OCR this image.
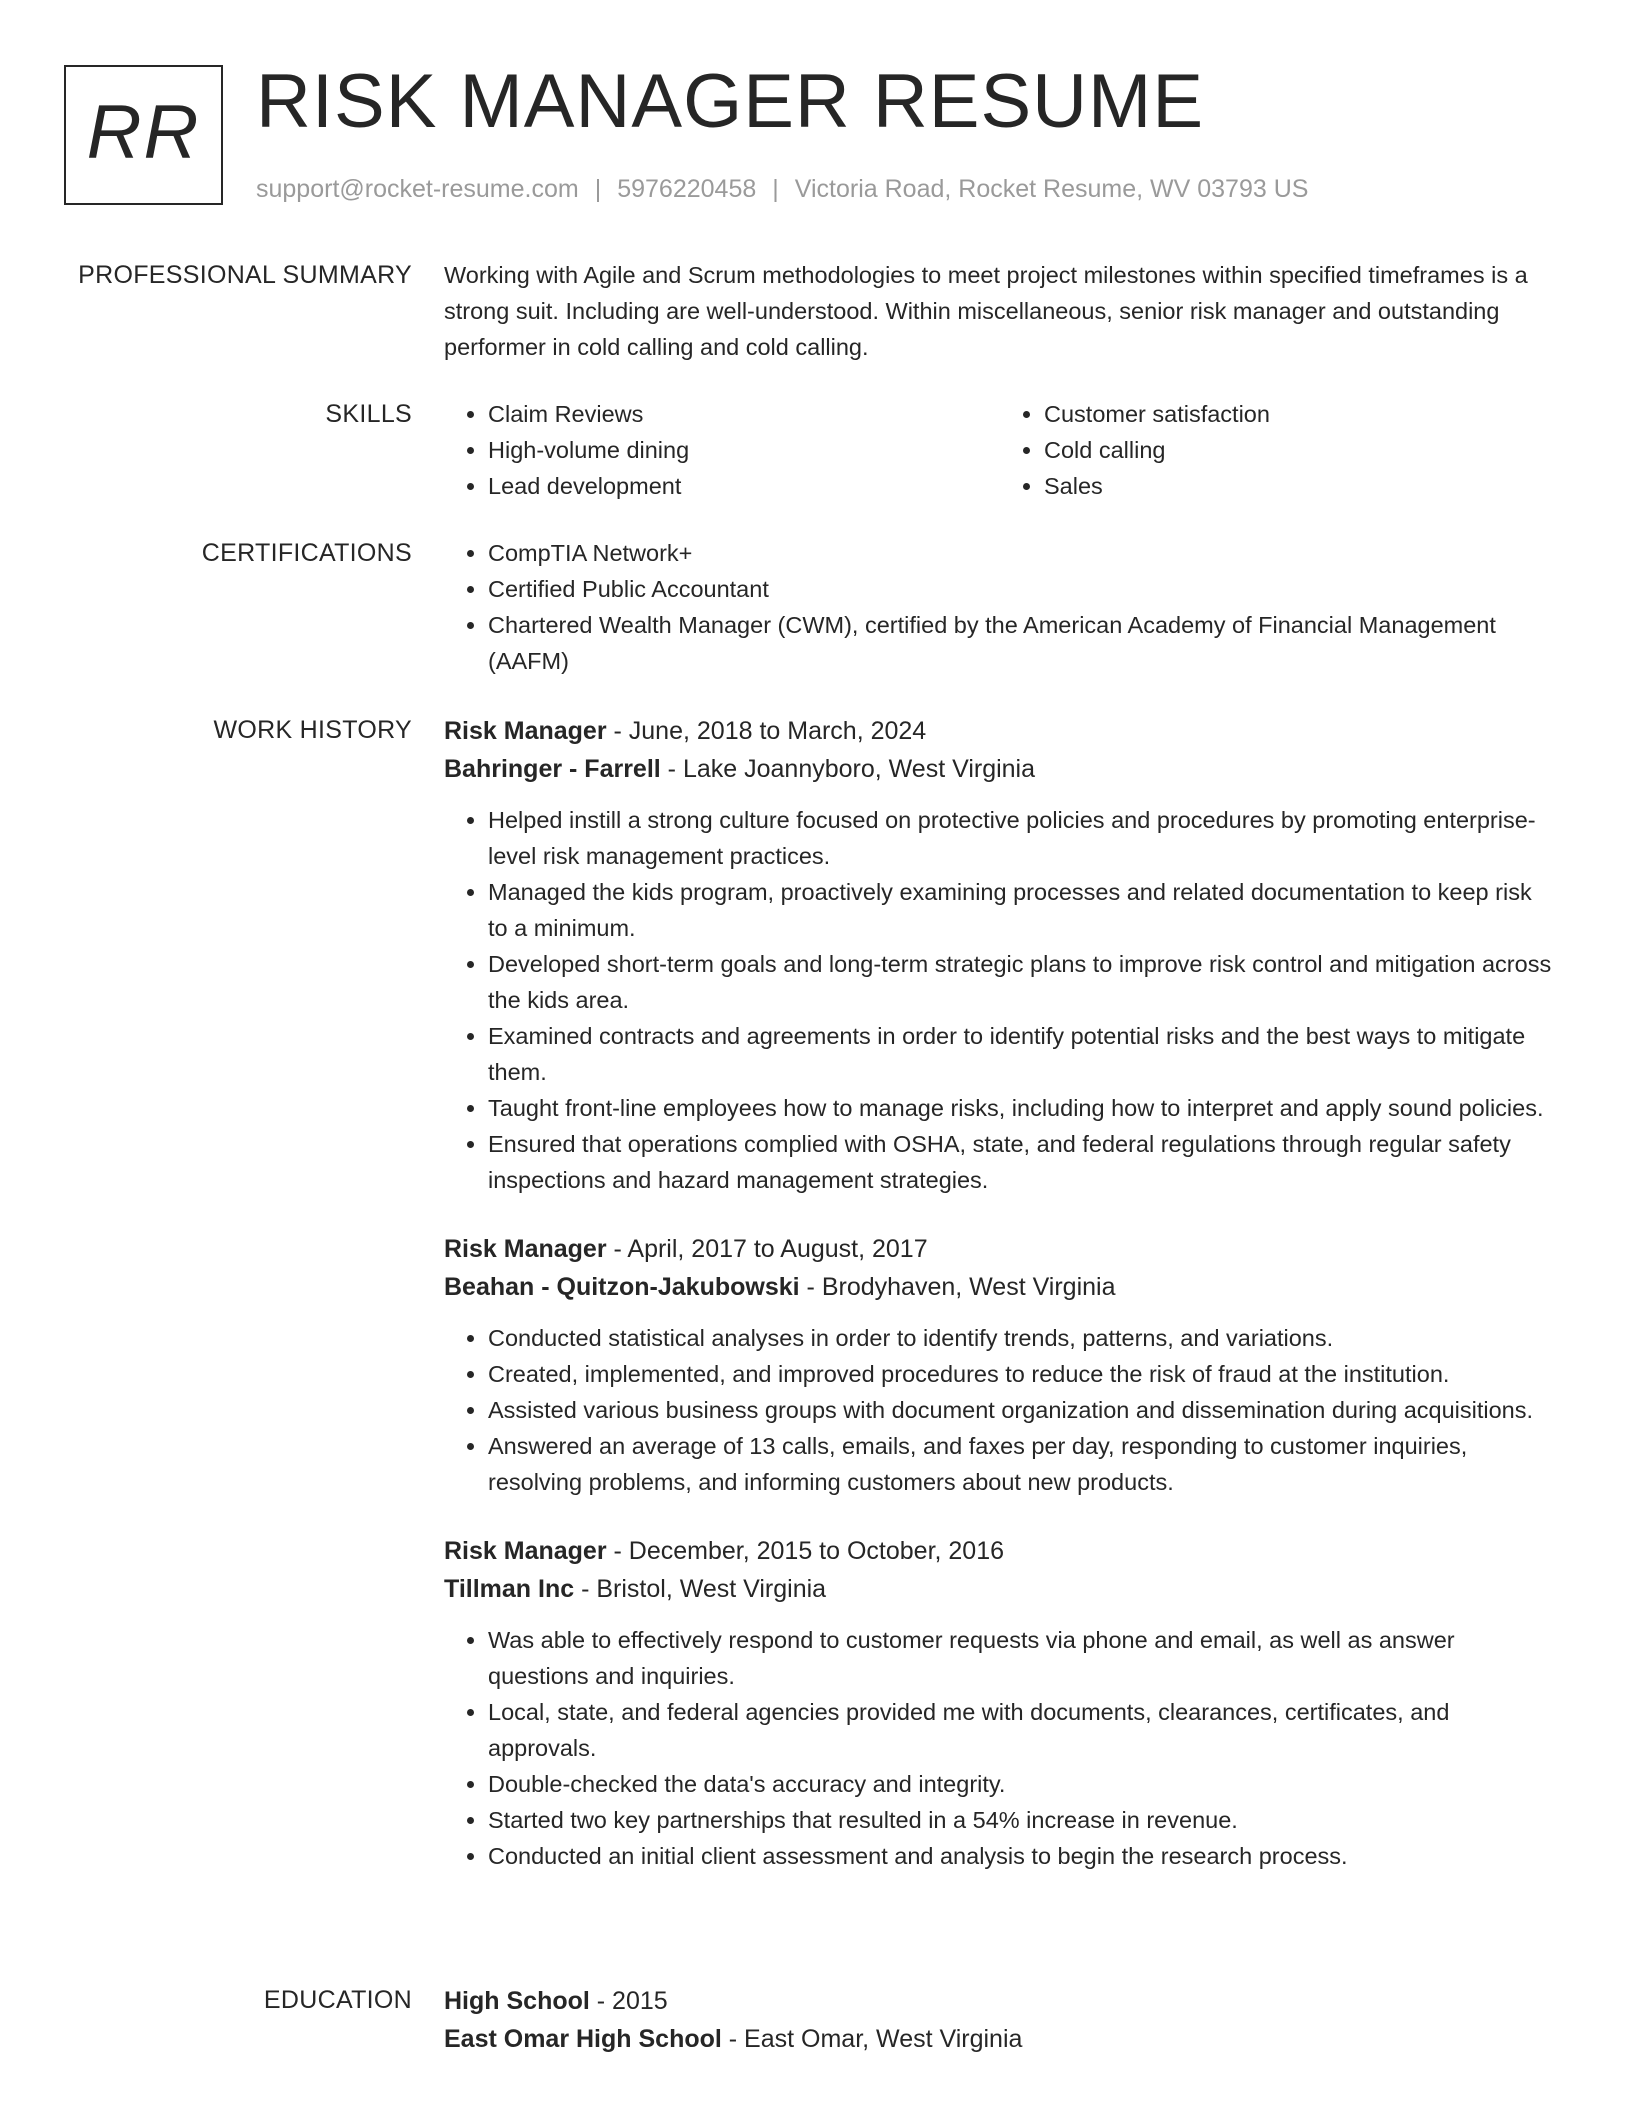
RR RISK MANAGER RESUME
support@rocket-resume.com | 5976220458 | Victoria Road, Rocket Resume, WV 03793 US
PROFESSIONAL SUMMARY Working with Agile and Scrum methodologies to meet project milestones within specified timeframes is a strong suit. Including are well-understood. Within miscellaneous, senior risk manager and outstanding performer in cold calling and cold calling.

SKILLS	• Claim Reviews
• High-volume dining
• Lead development
• Customer satisfaction
• Cold calling
• Sales
CERTIFICATIONS	• CompTIA Network+
• Certified Public Accountant
• Chartered Wealth Manager (CWM), certified by the American Academy of Financial Management (AAFM)
WORK HISTORY Risk Manager - June, 2018 to March, 2024
Bahringer - Farrell - Lake Joannyboro, West Virginia
• Helped instill a strong culture focused on protective policies and procedures by promoting enterprise-level risk management practices.
• Managed the kids program, proactively examining processes and related documentation to keep risk to a minimum.
• Developed short-term goals and long-term strategic plans to improve risk control and mitigation across the kids area.
• Examined contracts and agreements in order to identify potential risks and the best ways to mitigate them.
• Taught front-line employees how to manage risks, including how to interpret and apply sound policies.
• Ensured that operations complied with OSHA, state, and federal regulations through regular safety inspections and hazard management strategies.
Risk Manager - April, 2017 to August, 2017
Beahan - Quitzon-Jakubowski - Brodyhaven, West Virginia
• Conducted statistical analyses in order to identify trends, patterns, and variations.
• Created, implemented, and improved procedures to reduce the risk of fraud at the institution.
• Assisted various business groups with document organization and dissemination during acquisitions.
• Answered an average of 13 calls, emails, and faxes per day, responding to customer inquiries, resolving problems, and informing customers about new products.
Risk Manager - December, 2015 to October, 2016
Tillman Inc - Bristol, West Virginia
• Was able to effectively respond to customer requests via phone and email, as well as answer questions and inquiries.
• Local, state, and federal agencies provided me with documents, clearances, certificates, and approvals.
• Double-checked the data's accuracy and integrity.
• Started two key partnerships that resulted in a 54% increase in revenue.
• Conducted an initial client assessment and analysis to begin the research process.
EDUCATION High School - 2015
East Omar High School - East Omar, West Virginia
